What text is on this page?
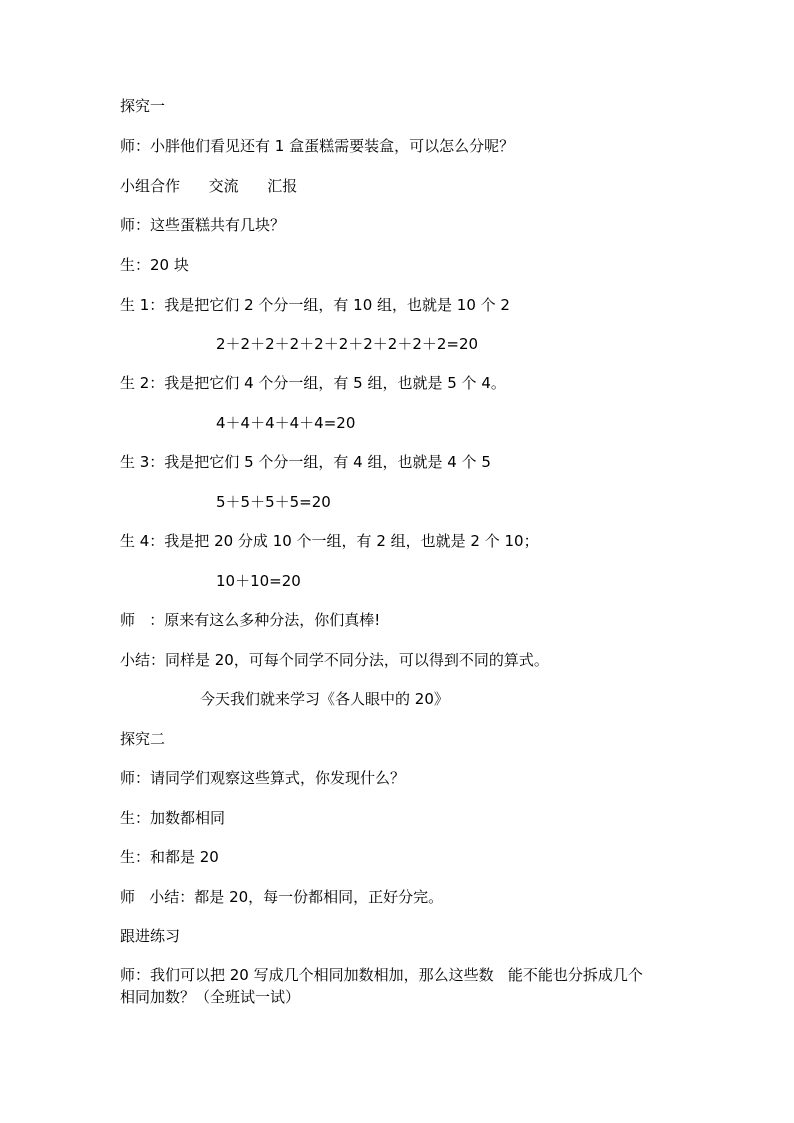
探究一

师：小胖他们看见还有 1 盒蛋糕需要装盒，可以怎么分呢？

小组合作      交流      汇报

师：这些蛋糕共有几块？

生：20 块

生 1：我是把它们 2 个分一组，有 10 组，也就是 10 个 2

2＋2＋2＋2＋2＋2＋2＋2＋2＋2=20

生 2：我是把它们 4 个分一组，有 5 组，也就是 5 个 4。

4＋4＋4＋4＋4=20

生 3：我是把它们 5 个分一组，有 4 组，也就是 4 个 5

5＋5＋5＋5=20

生 4：我是把 20 分成 10 个一组，有 2 组，也就是 2 个 10；

10＋10=20

师   ：原来有这么多种分法，你们真棒!

小结：同样是 20，可每个同学不同分法，可以得到不同的算式。

今天我们就来学习《各人眼中的 20》

探究二

师：请同学们观察这些算式，你发现什么？

生：加数都相同

生：和都是 20

师   小结：都是 20，每一份都相同，正好分完。

跟进练习

师：我们可以把 20 写成几个相同加数相加，那么这些数   能不能也分拆成几个

相同加数？（全班试一试）
